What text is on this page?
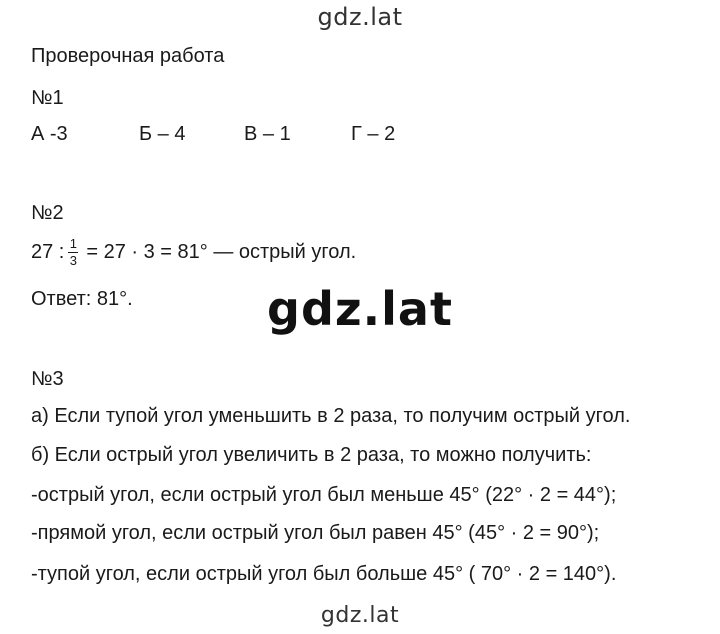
gdz.lat
Проверочная работа
№1
А -3	Б – 4	В – 1	Г – 2
№2
27 : $\frac{1}{3} = 27 \cdot 3 = 81^\circ$ — острый угол.
Ответ: 81°.	gdz.lat
№3
а) Если тупой угол уменьшить в 2 раза, то получим острый угол.
б) Если острый угол увеличить в 2 раза, то можно получить:
-острый угол, если острый угол был меньше 45° (22° · 2 = 44°);
-прямой угол, если острый угол был равен 45° (45° · 2 = 90°);
-тупой угол, если острый угол был больше 45° ( 70° · 2 = 140°).
gdz.lat
